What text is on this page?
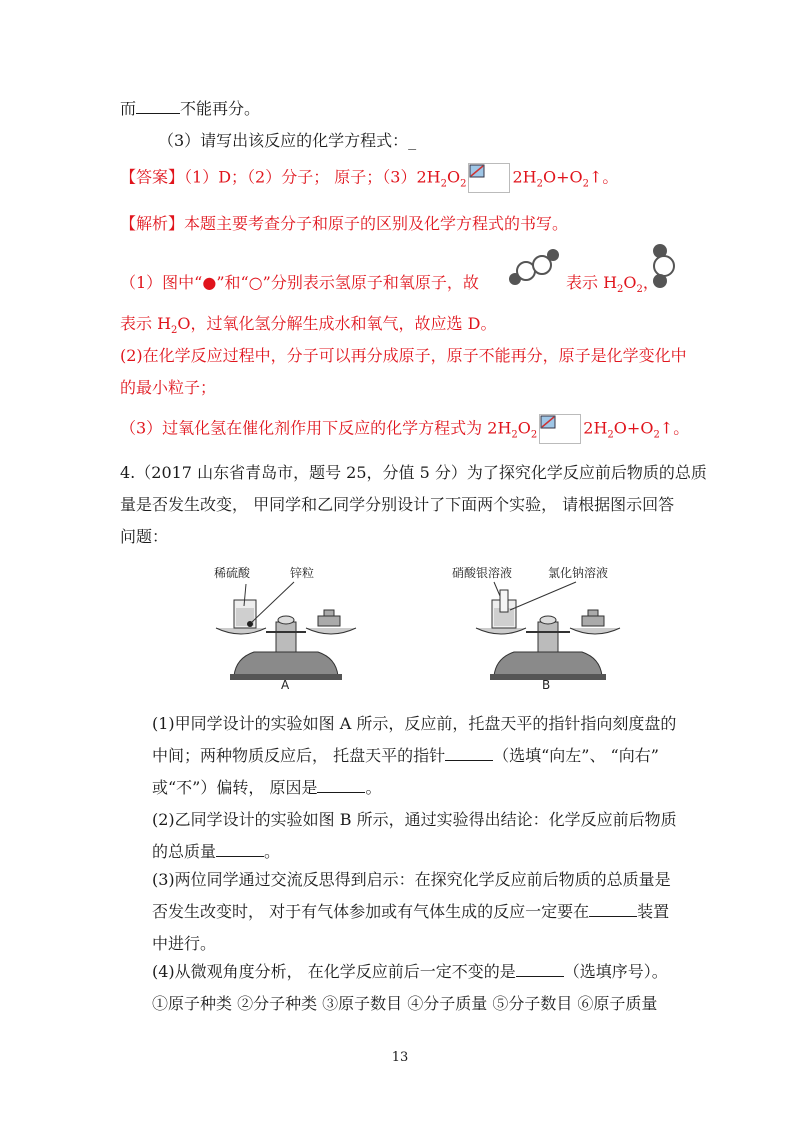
而	不能再分。
（3）请写出该反应的化学方程式：_
【答案】（1）D；（2）分子； 原子；$(3)2H_2O_2$	$2H_2O+O_2↑$。
【解析】本题主要考查分子和原子的区别及化学方程式的书写。
（1）图中“●”和“○”分别表示氢原子和氧原子，故	表示 $H_2O_2$，
表示 $H_2O$，过氧化氢分解生成水和氧气，故应选 D。
(2)在化学反应过程中，分子可以再分成原子，原子不能再分，原子是化学变化中
的最小粒子；
（3）过氧化氢在催化剂作用下反应的化学方程式为 $2H_2O_2$	$2H_2O+O_2↑$。
4.（2017 山东省青岛市，题号 25，分值 5 分）为了探究化学反应前后物质的总质
量是否发生改变， 甲同学和乙同学分别设计了下面两个实验， 请根据图示回答
问题：
稀硫酸	锌粒
A
硝酸银溶液	氯化钠溶液
B
(1)甲同学设计的实验如图 A 所示，反应前，托盘天平的指针指向刻度盘的
中间；两种物质反应后， 托盘天平的指针	（选填“向左”、 “向右”
或“不”）偏转， 原因是	。
(2)乙同学设计的实验如图 B 所示，通过实验得出结论：化学反应前后物质
的总质量	。
(3)两位同学通过交流反思得到启示：在探究化学反应前后物质的总质量是
否发生改变时， 对于有气体参加或有气体生成的反应一定要在	装置
中进行。
(4)从微观角度分析， 在化学反应前后一定不变的是	（选填序号）。
①原子种类 ②分子种类 ③原子数目 ④分子质量 ⑤分子数目 ⑥原子质量
13
